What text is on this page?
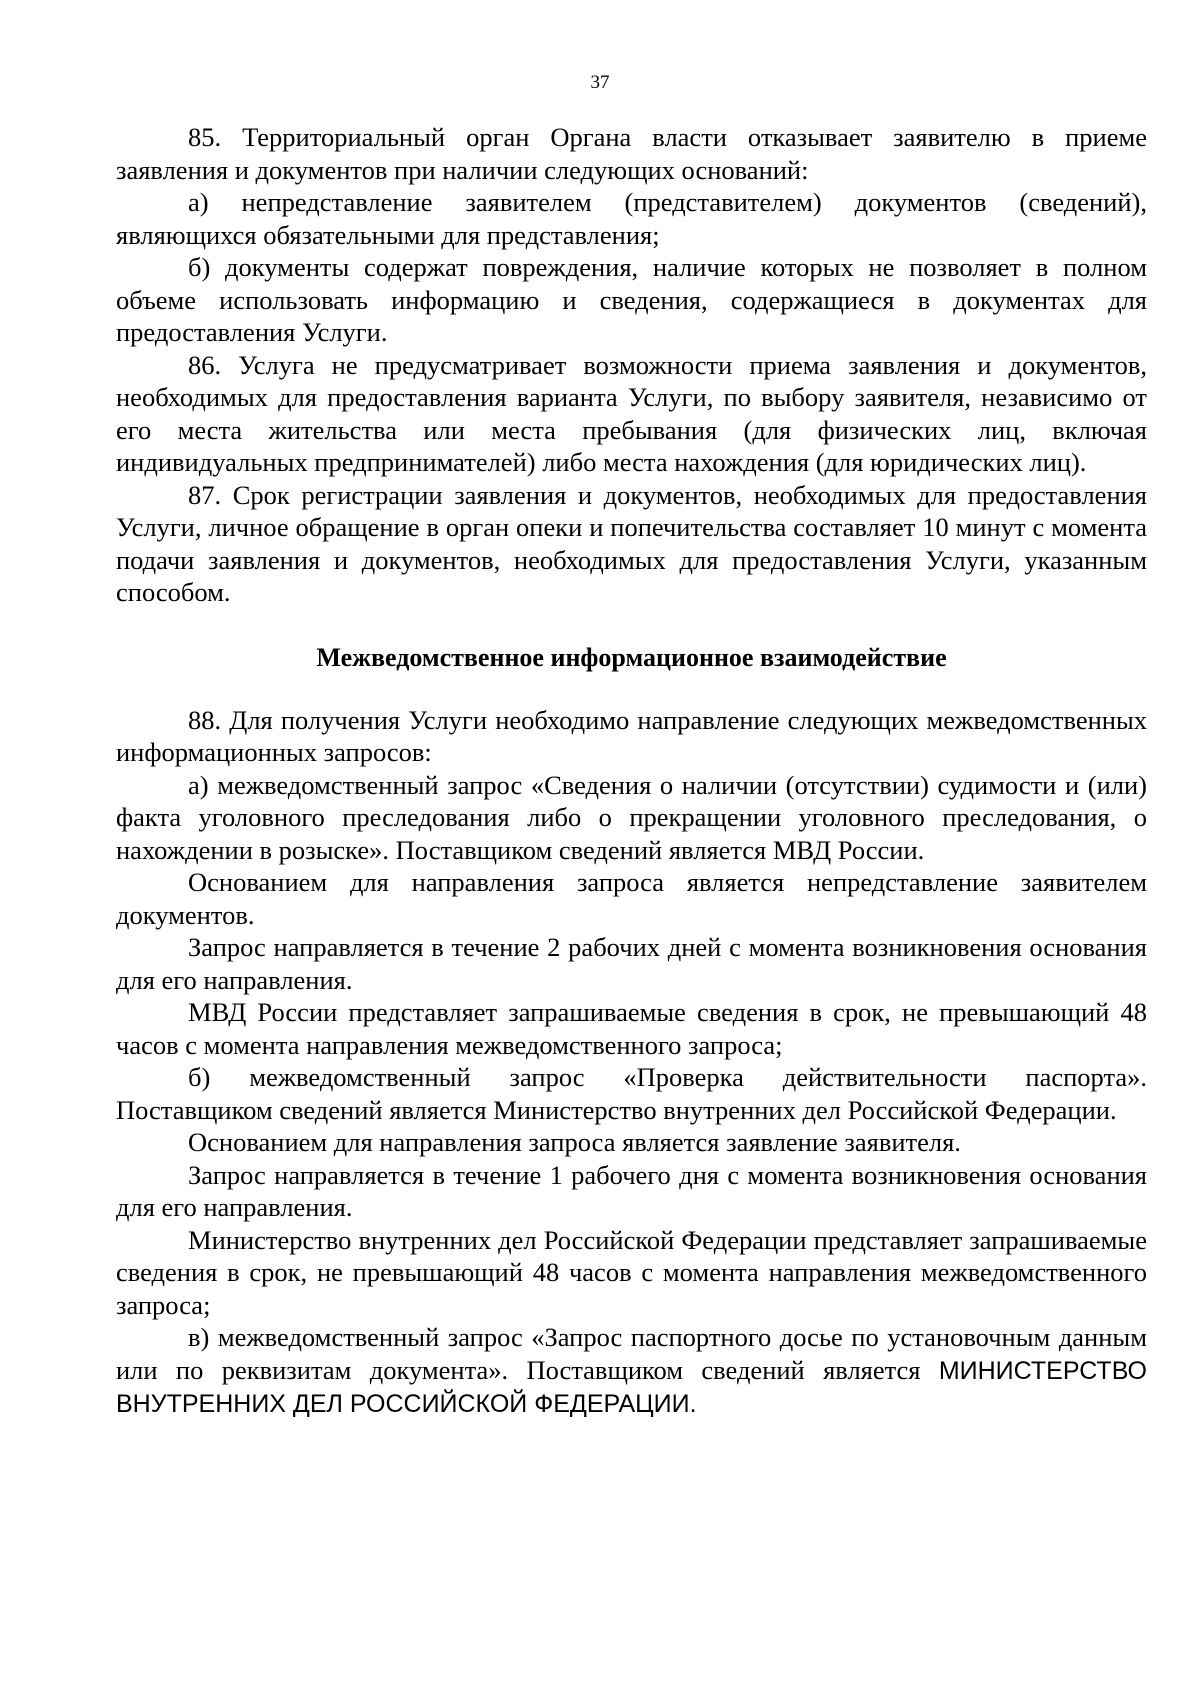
37

85. Территориальный орган Органа власти отказывает заявителю в приеме заявления и документов при наличии следующих оснований:

а) непредставление заявителем (представителем) документов (сведений), являющихся обязательными для представления;

б) документы содержат повреждения, наличие которых не позволяет в полном объеме использовать информацию и сведения, содержащиеся в документах для предоставления Услуги.

86. Услуга не предусматривает возможности приема заявления и документов, необходимых для предоставления варианта Услуги, по выбору заявителя, независимо от его места жительства или места пребывания (для физических лиц, включая индивидуальных предпринимателей) либо места нахождения (для юридических лиц).

87. Срок регистрации заявления и документов, необходимых для предоставления Услуги, личное обращение в орган опеки и попечительства составляет 10 минут с момента подачи заявления и документов, необходимых для предоставления Услуги, указанным способом.

Межведомственное информационное взаимодействие

88. Для получения Услуги необходимо направление следующих межведомственных информационных запросов:

а) межведомственный запрос «Сведения о наличии (отсутствии) судимости и (или) факта уголовного преследования либо о прекращении уголовного преследования, о нахождении в розыске». Поставщиком сведений является МВД России.

Основанием для направления запроса является непредставление заявителем документов.

Запрос направляется в течение 2 рабочих дней с момента возникновения основания для его направления.

МВД России представляет запрашиваемые сведения в срок, не превышающий 48 часов с момента направления межведомственного запроса;

б) межведомственный запрос «Проверка действительности паспорта». Поставщиком сведений является Министерство внутренних дел Российской Федерации.

Основанием для направления запроса является заявление заявителя.

Запрос направляется в течение 1 рабочего дня с момента возникновения основания для его направления.

Министерство внутренних дел Российской Федерации представляет запрашиваемые сведения в срок, не превышающий 48 часов с момента направления межведомственного запроса;

в) межведомственный запрос «Запрос паспортного досье по установочным данным или по реквизитам документа». Поставщиком сведений является МИНИСТЕРСТВО ВНУТРЕННИХ ДЕЛ РОССИЙСКОЙ ФЕДЕРАЦИИ.
